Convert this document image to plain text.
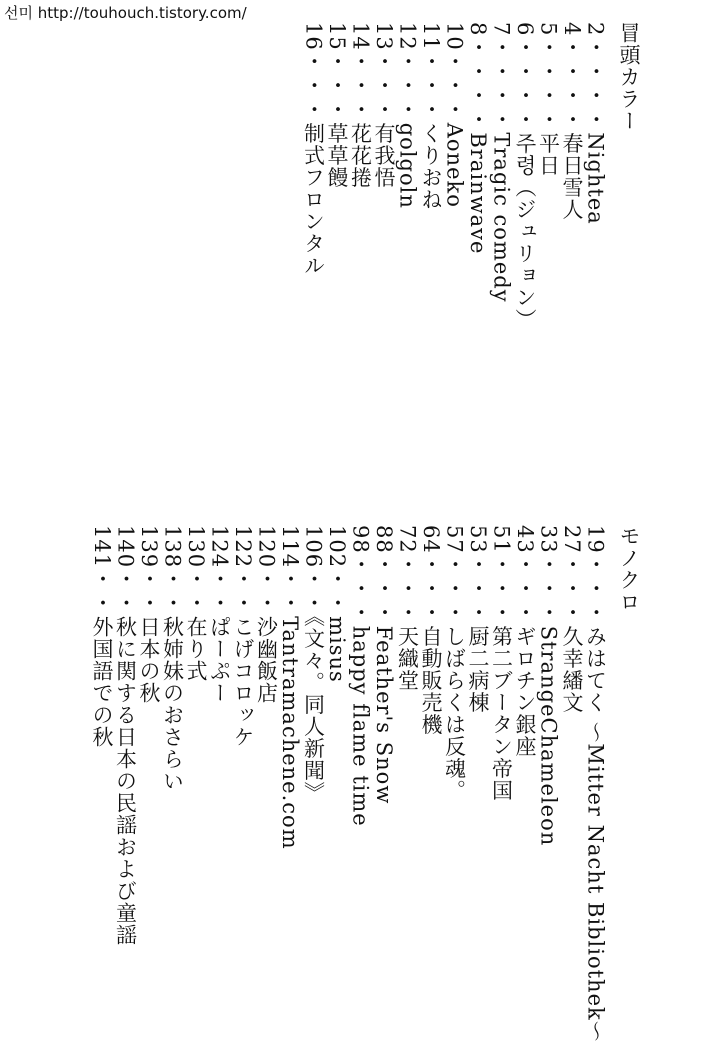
선미 http://touhouch.tistory.com/
冒頭カラー
2・・・・Nightea
4・・・・春日雪人
5・・・・平日
6・・・・주령（ジュリョン）
7・・・・Tragic comedy
8・・・・Brainwave
10・・・Aoneko
11・・・くりおね
12・・・golgoln
13・・・有我悟
14・・・花花捲
15・・・草草饅
16・・・制式フロンタル
モノクロ
19・・・みはてく ～Mitter Nacht Bibliothek～
27・・・久幸繙文
33・・・StrangeChameleon
43・・・ギロチン銀座
51・・・第二ブータン帝国
53・・・厨二病棟
57・・・しばらくは反魂。
64・・・自動販売機
72・・・天織堂
88・・・Feather's Snow
98・・・happy flame time
102・・misus
106・・《文々。同人新聞》
114・・Tantramachene.com
120・・沙幽飯店
122・・こげコロッケ
124・・ぱーぷー
130・・在り式
138・・秋姉妹のおさらい
139・・日本の秋
140・・秋に関する日本の民謡および童謡
141・・外国語での秋
